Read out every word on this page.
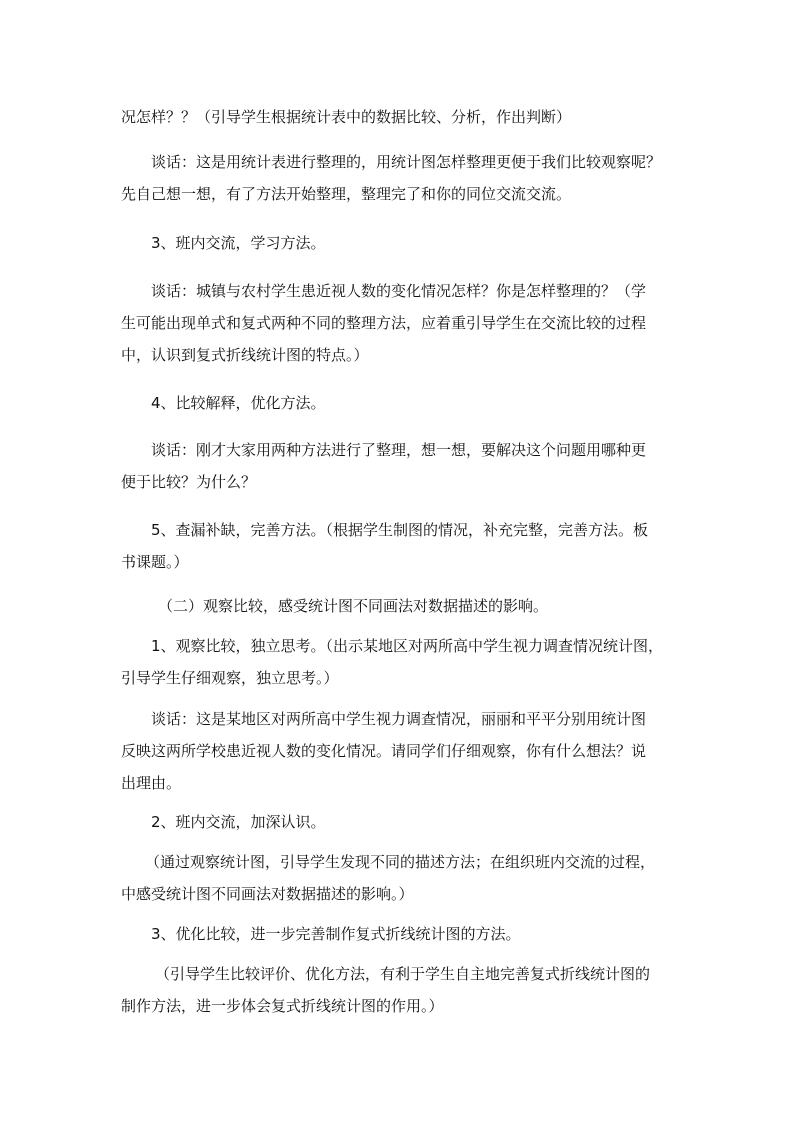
况怎样？？（引导学生根据统计表中的数据比较、分析，作出判断）
谈话：这是用统计表进行整理的，用统计图怎样整理更便于我们比较观察呢？
先自己想一想，有了方法开始整理，整理完了和你的同位交流交流。
3、班内交流，学习方法。
谈话：城镇与农村学生患近视人数的变化情况怎样？你是怎样整理的？（学
生可能出现单式和复式两种不同的整理方法，应着重引导学生在交流比较的过程
中，认识到复式折线统计图的特点。）
4、比较解释，优化方法。
谈话：刚才大家用两种方法进行了整理，想一想，要解决这个问题用哪种更
便于比较？为什么？
5、查漏补缺，完善方法。（根据学生制图的情况，补充完整，完善方法。板
书课题。）
（二）观察比较，感受统计图不同画法对数据描述的影响。
1、观察比较，独立思考。（出示某地区对两所高中学生视力调查情况统计图，
引导学生仔细观察，独立思考。）
谈话：这是某地区对两所高中学生视力调查情况，丽丽和平平分别用统计图
反映这两所学校患近视人数的变化情况。请同学们仔细观察，你有什么想法？说
出理由。
2、班内交流，加深认识。
（通过观察统计图，引导学生发现不同的描述方法；在组织班内交流的过程，
中感受统计图不同画法对数据描述的影响。）
3、优化比较，进一步完善制作复式折线统计图的方法。
（引导学生比较评价、优化方法，有利于学生自主地完善复式折线统计图的
制作方法，进一步体会复式折线统计图的作用。）
